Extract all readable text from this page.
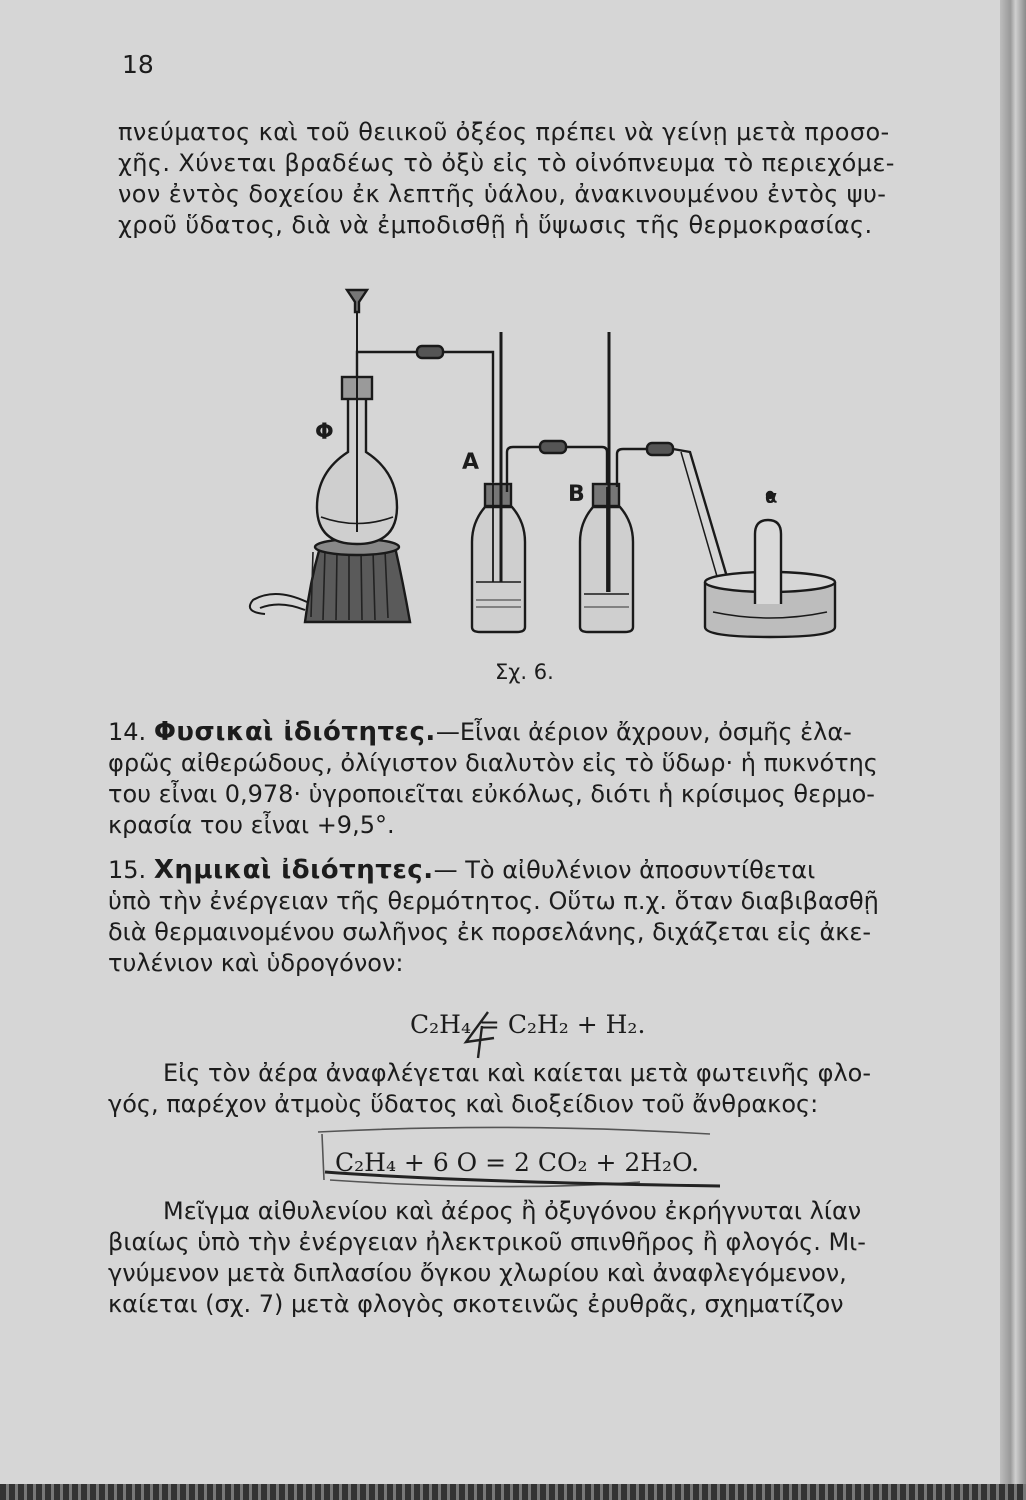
18
πνεύματος καὶ τοῦ θειικοῦ ὀξέος πρέπει νὰ γείνῃ μετὰ προσο-
χῆς. Χύνεται βραδέως τὸ ὀξὺ εἰς τὸ οἰνόπνευμα τὸ περιεχόμε-
νον ἐντὸς δοχείου ἐκ λεπτῆς ὑάλου, ἀνακινουμένου ἐντὸς ψυ-
χροῦ ὕδατος, διὰ νὰ ἐμποδισθῇ ἡ ὕψωσις τῆς θερμοκρασίας.
Φ
Α
Β	α
Σχ. 6.
14. Φυσικαὶ ἰδιότητες.—Εἶναι ἀέριον ἄχρουν, ὀσμῆς ἐλα-
φρῶς αἰθερώδους, ὀλίγιστον διαλυτὸν εἰς τὸ ὕδωρ· ἡ πυκνότης
του εἶναι 0,978· ὑγροποιεῖται εὐκόλως, διότι ἡ κρίσιμος θερμο-
κρασία του εἶναι +9,5°.
15. Χημικαὶ ἰδιότητες.— Τὸ αἰθυλένιον ἀποσυντίθεται
ὑπὸ τὴν ἐνέργειαν τῆς θερμότητος. Οὕτω π.χ. ὅταν διαβιβασθῇ
διὰ θερμαινομένου σωλῆνος ἐκ πορσελάνης, διχάζεται εἰς ἀκε-
τυλένιον καὶ ὑδρογόνον:
C₂H₄ = C₂H₂ + H₂.
Εἰς τὸν ἀέρα ἀναφλέγεται καὶ καίεται μετὰ φωτεινῆς φλο-
γός, παρέχον ἀτμοὺς ὕδατος καὶ διοξείδιον τοῦ ἄνθρακος:
C₂H₄ + 6 O = 2 CO₂ + 2H₂O.
Μεῖγμα αἰθυλενίου καὶ ἀέρος ἢ ὀξυγόνου ἐκρήγνυται λίαν
βιαίως ὑπὸ τὴν ἐνέργειαν ἠλεκτρικοῦ σπινθῆρος ἢ φλογός. Μι-
γνύμενον μετὰ διπλασίου ὄγκου χλωρίου καὶ ἀναφλεγόμενον,
καίεται (σχ. 7) μετὰ φλογὸς σκοτεινῶς ἐρυθρᾶς, σχηματίζον
